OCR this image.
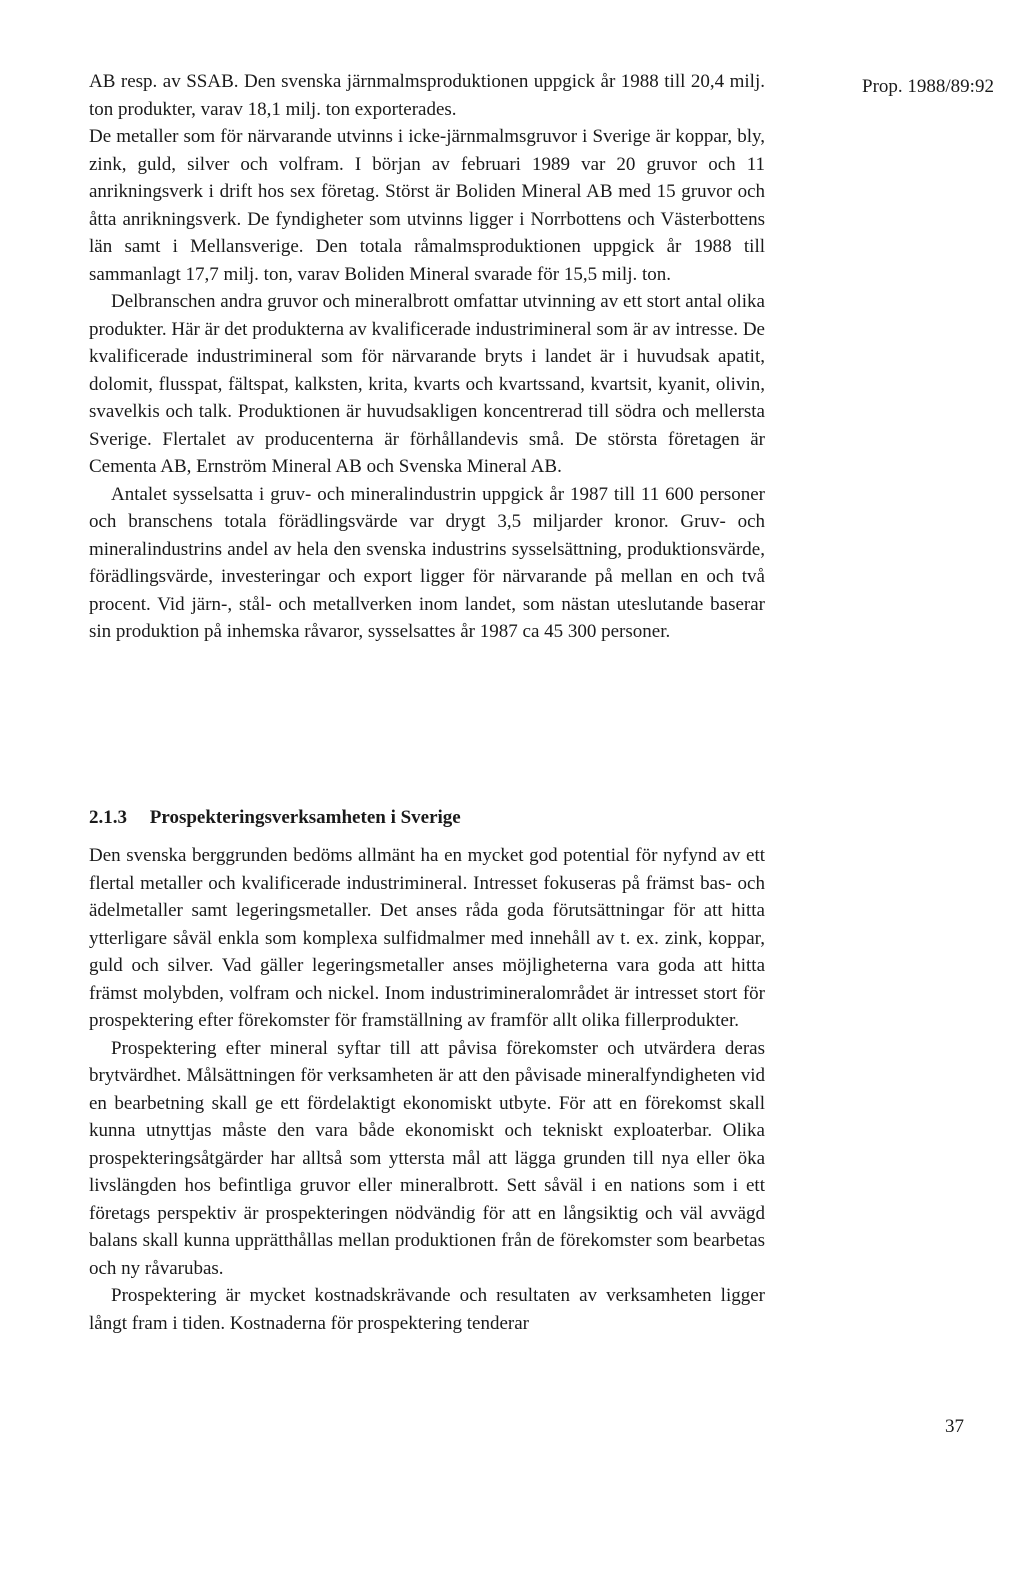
Prop. 1988/89:92

AB resp. av SSAB. Den svenska järnmalmsproduktionen uppgick år 1988 till 20,4 milj. ton produkter, varav 18,1 milj. ton exporterades.

De metaller som för närvarande utvinns i icke-järnmalmsgruvor i Sverige är koppar, bly, zink, guld, silver och volfram. I början av februari 1989 var 20 gruvor och 11 anrikningsverk i drift hos sex företag. Störst är Boliden Mineral AB med 15 gruvor och åtta anrikningsverk. De fyndigheter som utvinns ligger i Norrbottens och Västerbottens län samt i Mellansverige. Den totala råmalmsproduktionen uppgick år 1988 till sammanlagt 17,7 milj. ton, varav Boliden Mineral svarade för 15,5 milj. ton.

Delbranschen andra gruvor och mineralbrott omfattar utvinning av ett stort antal olika produkter. Här är det produkterna av kvalificerade industrimineral som är av intresse. De kvalificerade industrimineral som för närvarande bryts i landet är i huvudsak apatit, dolomit, flusspat, fältspat, kalksten, krita, kvarts och kvartssand, kvartsit, kyanit, olivin, svavelkis och talk. Produktionen är huvudsakligen koncentrerad till södra och mellersta Sverige. Flertalet av producenterna är förhållandevis små. De största företagen är Cementa AB, Ernström Mineral AB och Svenska Mineral AB.

Antalet sysselsatta i gruv- och mineralindustrin uppgick år 1987 till 11 600 personer och branschens totala förädlingsvärde var drygt 3,5 miljarder kronor. Gruv- och mineralindustrins andel av hela den svenska industrins sysselsättning, produktionsvärde, förädlingsvärde, investeringar och export ligger för närvarande på mellan en och två procent. Vid järn-, stål- och metallverken inom landet, som nästan uteslutande baserar sin produktion på inhemska råvaror, sysselsattes år 1987 ca 45 300 personer.

2.1.3 Prospekteringsverksamheten i Sverige

Den svenska berggrunden bedöms allmänt ha en mycket god potential för nyfynd av ett flertal metaller och kvalificerade industrimineral. Intresset fokuseras på främst bas- och ädelmetaller samt legeringsmetaller. Det anses råda goda förutsättningar för att hitta ytterligare såväl enkla som komplexa sulfidmalmer med innehåll av t. ex. zink, koppar, guld och silver. Vad gäller legeringsmetaller anses möjligheterna vara goda att hitta främst molybden, volfram och nickel. Inom industrimineralområdet är intresset stort för prospektering efter förekomster för framställning av framför allt olika fillerprodukter.

Prospektering efter mineral syftar till att påvisa förekomster och utvärdera deras brytvärdhet. Målsättningen för verksamheten är att den påvisade mineralfyndigheten vid en bearbetning skall ge ett fördelaktigt ekonomiskt utbyte. För att en förekomst skall kunna utnyttjas måste den vara både ekonomiskt och tekniskt exploaterbar. Olika prospekteringsåtgärder har alltså som yttersta mål att lägga grunden till nya eller öka livslängden hos befintliga gruvor eller mineralbrott. Sett såväl i en nations som i ett företags perspektiv är prospekteringen nödvändig för att en långsiktig och väl avvägd balans skall kunna upprätthållas mellan produktionen från de förekomster som bearbetas och ny råvarubas.

Prospektering är mycket kostnadskrävande och resultaten av verksamheten ligger långt fram i tiden. Kostnaderna för prospektering tenderar

37
